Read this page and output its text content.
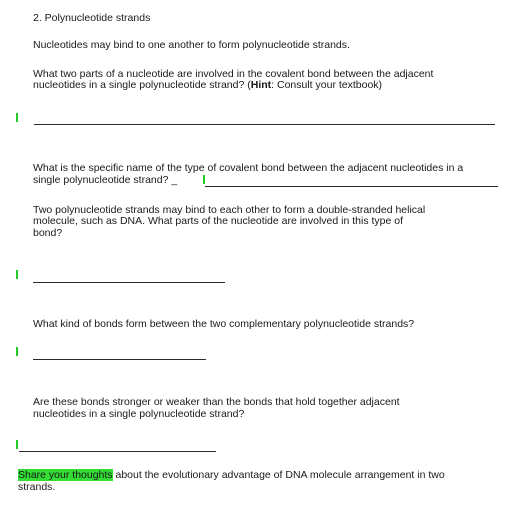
2. Polynucleotide strands
Nucleotides may bind to one another to form polynucleotide strands.
What two parts of a nucleotide are involved in the covalent bond between the adjacent
nucleotides in a single polynucleotide strand? (Hint: Consult your textbook)
What is the specific name of the type of covalent bond between the adjacent nucleotides in a
single polynucleotide strand? _
Two polynucleotide strands may bind to each other to form a double-stranded helical
molecule, such as DNA. What parts of the nucleotide are involved in this type of
bond?
What kind of bonds form between the two complementary polynucleotide strands?
Are these bonds stronger or weaker than the bonds that hold together adjacent
nucleotides in a single polynucleotide strand?
Share your thoughts about the evolutionary advantage of DNA molecule arrangement in two
strands.
